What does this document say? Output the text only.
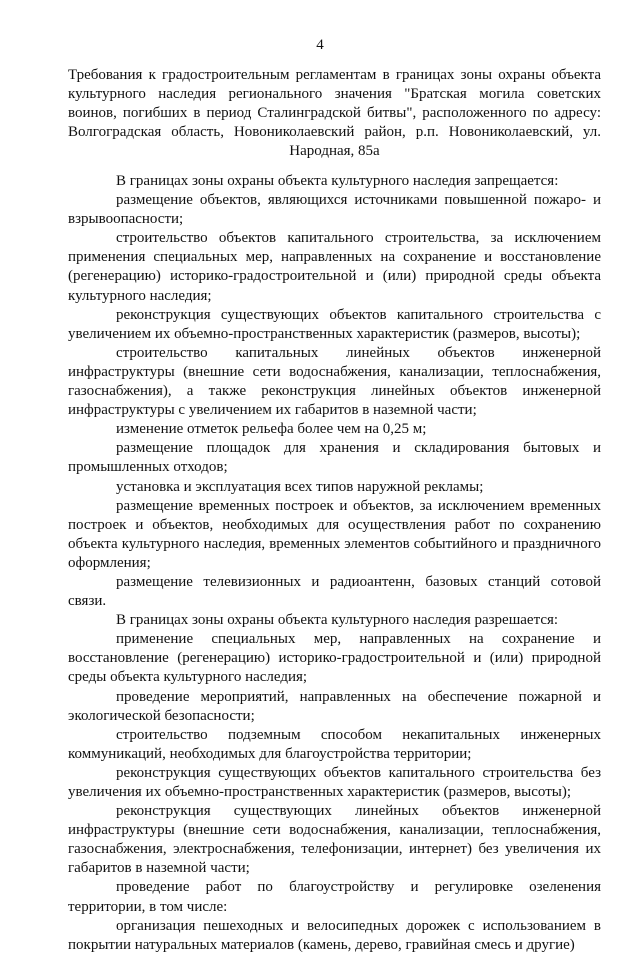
4
Требования к градостроительным регламентам в границах зоны охраны объекта культурного наследия регионального значения "Братская могила советских воинов, погибших в период Сталинградской битвы", расположенного по адресу: Волгоградская область, Новониколаевский район, р.п. Новониколаевский, ул. Народная, 85а

В границах зоны охраны объекта культурного наследия запрещается:

размещение объектов, являющихся источниками повышенной пожаро- и взрывоопасности;

строительство объектов капитального строительства, за исключением применения специальных мер, направленных на сохранение и восстановление (регенерацию) историко-градостроительной и (или) природной среды объекта культурного наследия;

реконструкция существующих объектов капитального строительства с увеличением их объемно-пространственных характеристик (размеров, высоты);

строительство капитальных линейных объектов инженерной инфраструктуры (внешние сети водоснабжения, канализации, теплоснабжения, газоснабжения), а также реконструкция линейных объектов инженерной инфраструктуры с увеличением их габаритов в наземной части;

изменение отметок рельефа более чем на 0,25 м;

размещение площадок для хранения и складирования бытовых и промышленных отходов;

установка и эксплуатация всех типов наружной рекламы;

размещение временных построек и объектов, за исключением временных построек и объектов, необходимых для осуществления работ по сохранению объекта культурного наследия, временных элементов событийного и праздничного оформления;

размещение телевизионных и радиоантенн, базовых станций сотовой связи.

В границах зоны охраны объекта культурного наследия разрешается:

применение специальных мер, направленных на сохранение и восстановление (регенерацию) историко-градостроительной и (или) природной среды объекта культурного наследия;

проведение мероприятий, направленных на обеспечение пожарной и экологической безопасности;

строительство подземным способом некапитальных инженерных коммуникаций, необходимых для благоустройства территории;

реконструкция существующих объектов капитального строительства без увеличения их объемно-пространственных характеристик (размеров, высоты);

реконструкция существующих линейных объектов инженерной инфраструктуры (внешние сети водоснабжения, канализации, теплоснабжения, газоснабжения, электроснабжения, телефонизации, интернет) без увеличения их габаритов в наземной части;

проведение работ по благоустройству и регулировке озеленения территории, в том числе:

организация пешеходных и велосипедных дорожек с использованием в покрытии натуральных материалов (камень, дерево, гравийная смесь и другие)
